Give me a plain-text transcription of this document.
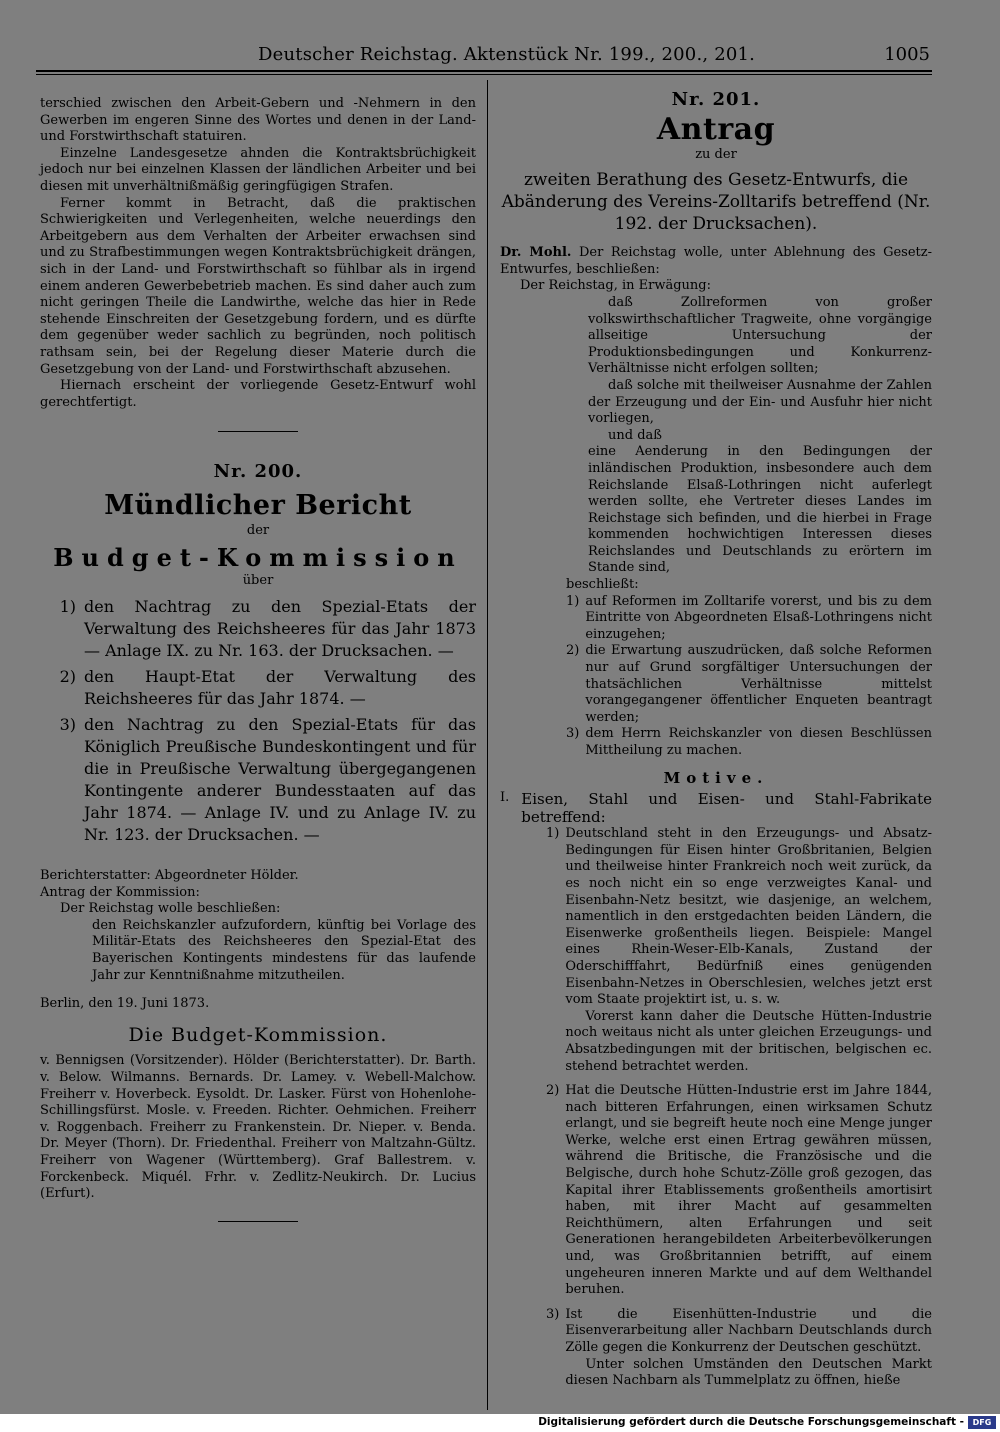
Deutscher Reichstag. Aktenstück Nr. 199., 200., 201.	1005

terschied zwischen den Arbeit-Gebern und -Nehmern in den Gewerben im engeren Sinne des Wortes und denen in der Land- und Forstwirthschaft statuiren.

Einzelne Landesgesetze ahnden die Kontraktsbrüchigkeit jedoch nur bei einzelnen Klassen der ländlichen Arbeiter und bei diesen mit unverhältnißmäßig geringfügigen Strafen.

Ferner kommt in Betracht, daß die praktischen Schwierigkeiten und Verlegenheiten, welche neuerdings den Arbeitgebern aus dem Verhalten der Arbeiter erwachsen sind und zu Strafbestimmungen wegen Kontraktsbrüchigkeit drängen, sich in der Land- und Forstwirthschaft so fühlbar als in irgend einem anderen Gewerbebetrieb machen. Es sind daher auch zum nicht geringen Theile die Landwirthe, welche das hier in Rede stehende Einschreiten der Gesetzgebung fordern, und es dürfte dem gegenüber weder sachlich zu begründen, noch politisch rathsam sein, bei der Regelung dieser Materie durch die Gesetzgebung von der Land- und Forstwirthschaft abzusehen.

Hiernach erscheint der vorliegende Gesetz-Entwurf wohl gerechtfertigt.

Nr. 200.
Mündlicher Bericht
der
Budget-Kommission
über
1) den Nachtrag zu den Spezial-Etats der Verwaltung des Reichsheeres für das Jahr 1873 — Anlage IX. zu Nr. 163. der Drucksachen. —
2) den Haupt-Etat der Verwaltung des Reichsheeres für das Jahr 1874. —
3) den Nachtrag zu den Spezial-Etats für das Königlich Preußische Bundeskontingent und für die in Preußische Verwaltung übergegangenen Kontingente anderer Bundesstaaten auf das Jahr 1874. — Anlage IV. und zu Anlage IV. zu Nr. 123. der Drucksachen. —

Berichterstatter: Abgeordneter Hölder.

Antrag der Kommission:

Der Reichstag wolle beschließen:

den Reichskanzler aufzufordern, künftig bei Vorlage des Militär-Etats des Reichsheeres den Spezial-Etat des Bayerischen Kontingents mindestens für das laufende Jahr zur Kenntnißnahme mitzutheilen.

Berlin, den 19. Juni 1873.

Die Budget-Kommission.

v. Bennigsen (Vorsitzender). Hölder (Berichterstatter). Dr. Barth. v. Below. Wilmanns. Bernards. Dr. Lamey. v. Webell-Malchow. Freiherr v. Hoverbeck. Eysoldt. Dr. Lasker. Fürst von Hohenlohe-Schillingsfürst. Mosle. v. Freeden. Richter. Oehmichen. Freiherr v. Roggenbach. Freiherr zu Frankenstein. Dr. Nieper. v. Benda. Dr. Meyer (Thorn). Dr. Friedenthal. Freiherr von Maltzahn-Gültz. Freiherr von Wagener (Württemberg). Graf Ballestrem. v. Forckenbeck. Miquél. Frhr. v. Zedlitz-Neukirch. Dr. Lucius (Erfurt).

Nr. 201.
Antrag
zu der
zweiten Berathung des Gesetz-Entwurfs, die Abänderung des Vereins-Zolltarifs betreffend (Nr. 192. der Drucksachen).

Dr. Mohl. Der Reichstag wolle, unter Ablehnung des Gesetz-Entwurfes, beschließen:

Der Reichstag, in Erwägung:

daß Zollreformen von großer volkswirthschaftlicher Tragweite, ohne vorgängige allseitige Untersuchung der Produktionsbedingungen und Konkurrenz-Verhältnisse nicht erfolgen sollten;

daß solche mit theilweiser Ausnahme der Zahlen der Erzeugung und der Ein- und Ausfuhr hier nicht vorliegen,

und daß

eine Aenderung in den Bedingungen der inländischen Produktion, insbesondere auch dem Reichslande Elsaß-Lothringen nicht auferlegt werden sollte, ehe Vertreter dieses Landes im Reichstage sich befinden, und die hierbei in Frage kommenden hochwichtigen Interessen dieses Reichslandes und Deutschlands zu erörtern im Stande sind,

beschließt:

1) auf Reformen im Zolltarife vorerst, und bis zu dem Eintritte von Abgeordneten Elsaß-Lothringens nicht einzugehen;
2) die Erwartung auszudrücken, daß solche Reformen nur auf Grund sorgfältiger Untersuchungen der thatsächlichen Verhältnisse mittelst vorangegangener öffentlicher Enqueten beantragt werden;
3) dem Herrn Reichskanzler von diesen Beschlüssen Mittheilung zu machen.
Motive.
I. Eisen, Stahl und Eisen- und Stahl-Fabrikate betreffend:
1) Deutschland steht in den Erzeugungs- und Absatz-Bedingungen für Eisen hinter Großbritanien, Belgien und theilweise hinter Frankreich noch weit zurück, da es noch nicht ein so enge verzweigtes Kanal- und Eisenbahn-Netz besitzt, wie dasjenige, an welchem, namentlich in den erstgedachten beiden Ländern, die Eisenwerke großentheils liegen. Beispiele: Mangel eines Rhein-Weser-Elb-Kanals, Zustand der Oderschifffahrt, Bedürfniß eines genügenden Eisenbahn-Netzes in Oberschlesien, welches jetzt erst vom Staate projektirt ist, u. s. w.
Vorerst kann daher die Deutsche Hütten-Industrie noch weitaus nicht als unter gleichen Erzeugungs- und Absatzbedingungen mit der britischen, belgischen ec. stehend betrachtet werden.
2) Hat die Deutsche Hütten-Industrie erst im Jahre 1844, nach bitteren Erfahrungen, einen wirksamen Schutz erlangt, und sie begreift heute noch eine Menge junger Werke, welche erst einen Ertrag gewähren müssen, während die Britische, die Französische und die Belgische, durch hohe Schutz-Zölle groß gezogen, das Kapital ihrer Etablissements großentheils amortisirt haben, mit ihrer Macht auf gesammelten Reichthümern, alten Erfahrungen und seit Generationen herangebildeten Arbeiterbevölkerungen und, was Großbritannien betrifft, auf einem ungeheuren inneren Markte und auf dem Welthandel beruhen.
3) Ist die Eisenhütten-Industrie und die Eisenverarbeitung aller Nachbarn Deutschlands durch Zölle gegen die Konkurrenz der Deutschen geschützt.
Unter solchen Umständen den Deutschen Markt diesen Nachbarn als Tummelplatz zu öffnen, hieße
Digitalisierung gefördert durch die Deutsche Forschungsgemeinschaft -	DFG
